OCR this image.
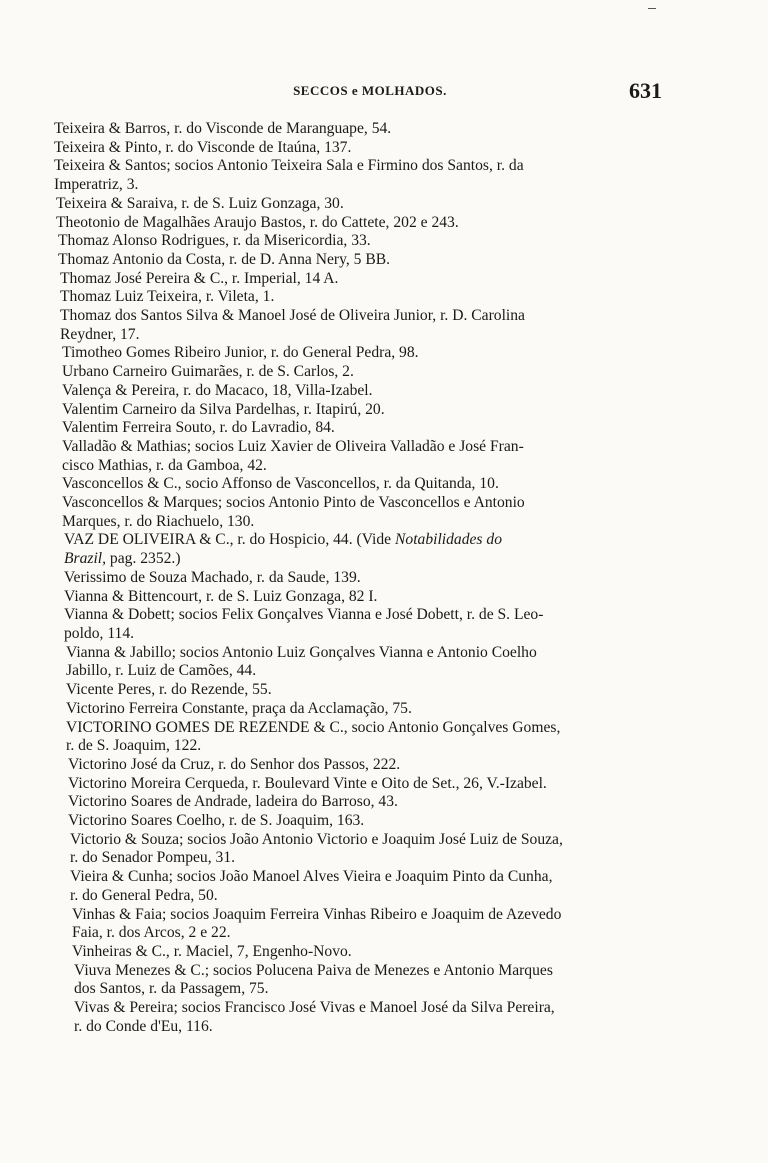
SECCOS e MOLHADOS.	631
Teixeira & Barros, r. do Visconde de Maranguape, 54.
Teixeira & Pinto, r. do Visconde de Itaúna, 137.
Teixeira & Santos; socios Antonio Teixeira Sala e Firmino dos Santos, r. da
Imperatriz, 3.
Teixeira & Saraiva, r. de S. Luiz Gonzaga, 30.
Theotonio de Magalhães Araujo Bastos, r. do Cattete, 202 e 243.
Thomaz Alonso Rodrigues, r. da Misericordia, 33.
Thomaz Antonio da Costa, r. de D. Anna Nery, 5 BB.
Thomaz José Pereira & C., r. Imperial, 14 A.
Thomaz Luiz Teixeira, r. Vileta, 1.
Thomaz dos Santos Silva & Manoel José de Oliveira Junior, r. D. Carolina
Reydner, 17.
Timotheo Gomes Ribeiro Junior, r. do General Pedra, 98.
Urbano Carneiro Guimarães, r. de S. Carlos, 2.
Valença & Pereira, r. do Macaco, 18, Villa-Izabel.
Valentim Carneiro da Silva Pardelhas, r. Itapirú, 20.
Valentim Ferreira Souto, r. do Lavradio, 84.
Valladão & Mathias; socios Luiz Xavier de Oliveira Valladão e José Fran-
cisco Mathias, r. da Gamboa, 42.
Vasconcellos & C., socio Affonso de Vasconcellos, r. da Quitanda, 10.
Vasconcellos & Marques; socios Antonio Pinto de Vasconcellos e Antonio
Marques, r. do Riachuelo, 130.
VAZ DE OLIVEIRA & C., r. do Hospicio, 44. (Vide Notabilidades do
Brazil, pag. 2352.)
Verissimo de Souza Machado, r. da Saude, 139.
Vianna & Bittencourt, r. de S. Luiz Gonzaga, 82 I.
Vianna & Dobett; socios Felix Gonçalves Vianna e José Dobett, r. de S. Leo-
poldo, 114.
Vianna & Jabillo; socios Antonio Luiz Gonçalves Vianna e Antonio Coelho
Jabillo, r. Luiz de Camões, 44.
Vicente Peres, r. do Rezende, 55.
Victorino Ferreira Constante, praça da Acclamação, 75.
VICTORINO GOMES DE REZENDE & C., socio Antonio Gonçalves Gomes,
r. de S. Joaquim, 122.
Victorino José da Cruz, r. do Senhor dos Passos, 222.
Victorino Moreira Cerqueda, r. Boulevard Vinte e Oito de Set., 26, V.-Izabel.
Victorino Soares de Andrade, ladeira do Barroso, 43.
Victorino Soares Coelho, r. de S. Joaquim, 163.
Victorio & Souza; socios João Antonio Victorio e Joaquim José Luiz de Souza,
r. do Senador Pompeu, 31.
Vieira & Cunha; socios João Manoel Alves Vieira e Joaquim Pinto da Cunha,
r. do General Pedra, 50.
Vinhas & Faia; socios Joaquim Ferreira Vinhas Ribeiro e Joaquim de Azevedo
Faia, r. dos Arcos, 2 e 22.
Vinheiras & C., r. Maciel, 7, Engenho-Novo.
Viuva Menezes & C.; socios Polucena Paiva de Menezes e Antonio Marques
dos Santos, r. da Passagem, 75.
Vivas & Pereira; socios Francisco José Vivas e Manoel José da Silva Pereira,
r. do Conde d'Eu, 116.
